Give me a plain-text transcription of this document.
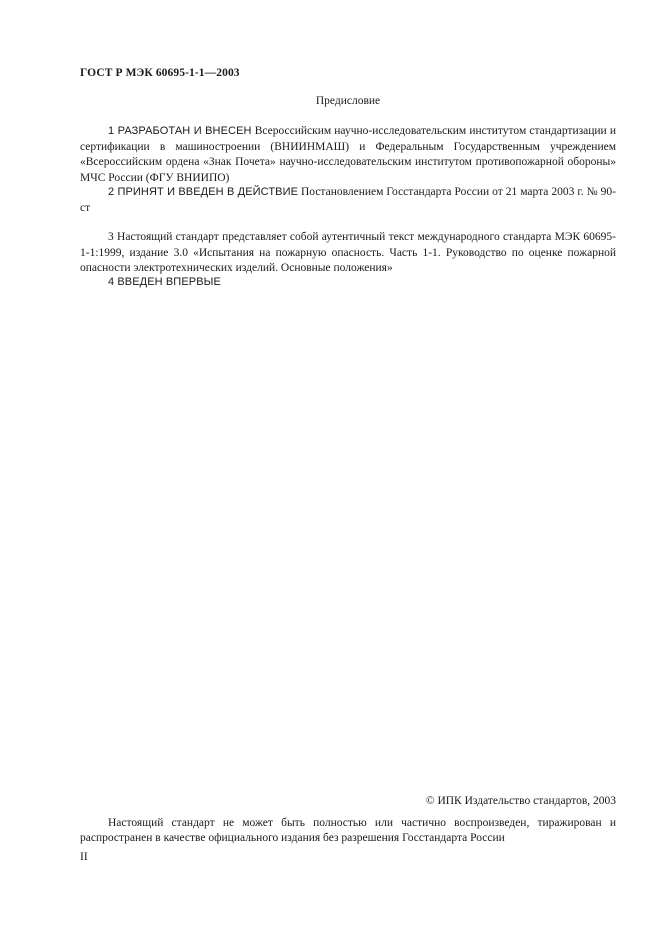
ГОСТ Р МЭК 60695-1-1—2003
Предисловие

1 РАЗРАБОТАН И ВНЕСЕН Всероссийским научно-исследовательским институтом стандартизации и сертификации в машиностроении (ВНИИНМАШ) и Федеральным Государственным учреждением «Всероссийским ордена «Знак Почета» научно-исследовательским институтом противопожарной обороны» МЧС России (ФГУ ВНИИПО)

2 ПРИНЯТ И ВВЕДЕН В ДЕЙСТВИЕ Постановлением Госстандарта России от 21 марта 2003 г. № 90-ст

3 Настоящий стандарт представляет собой аутентичный текст международного стандарта МЭК 60695-1-1:1999, издание 3.0 «Испытания на пожарную опасность. Часть 1-1. Руководство по оценке пожарной опасности электротехнических изделий. Основные положения»

4 ВВЕДЕН ВПЕРВЫЕ

© ИПК Издательство стандартов, 2003

Настоящий стандарт не может быть полностью или частично воспроизведен, тиражирован и распространен в качестве официального издания без разрешения Госстандарта России

II
